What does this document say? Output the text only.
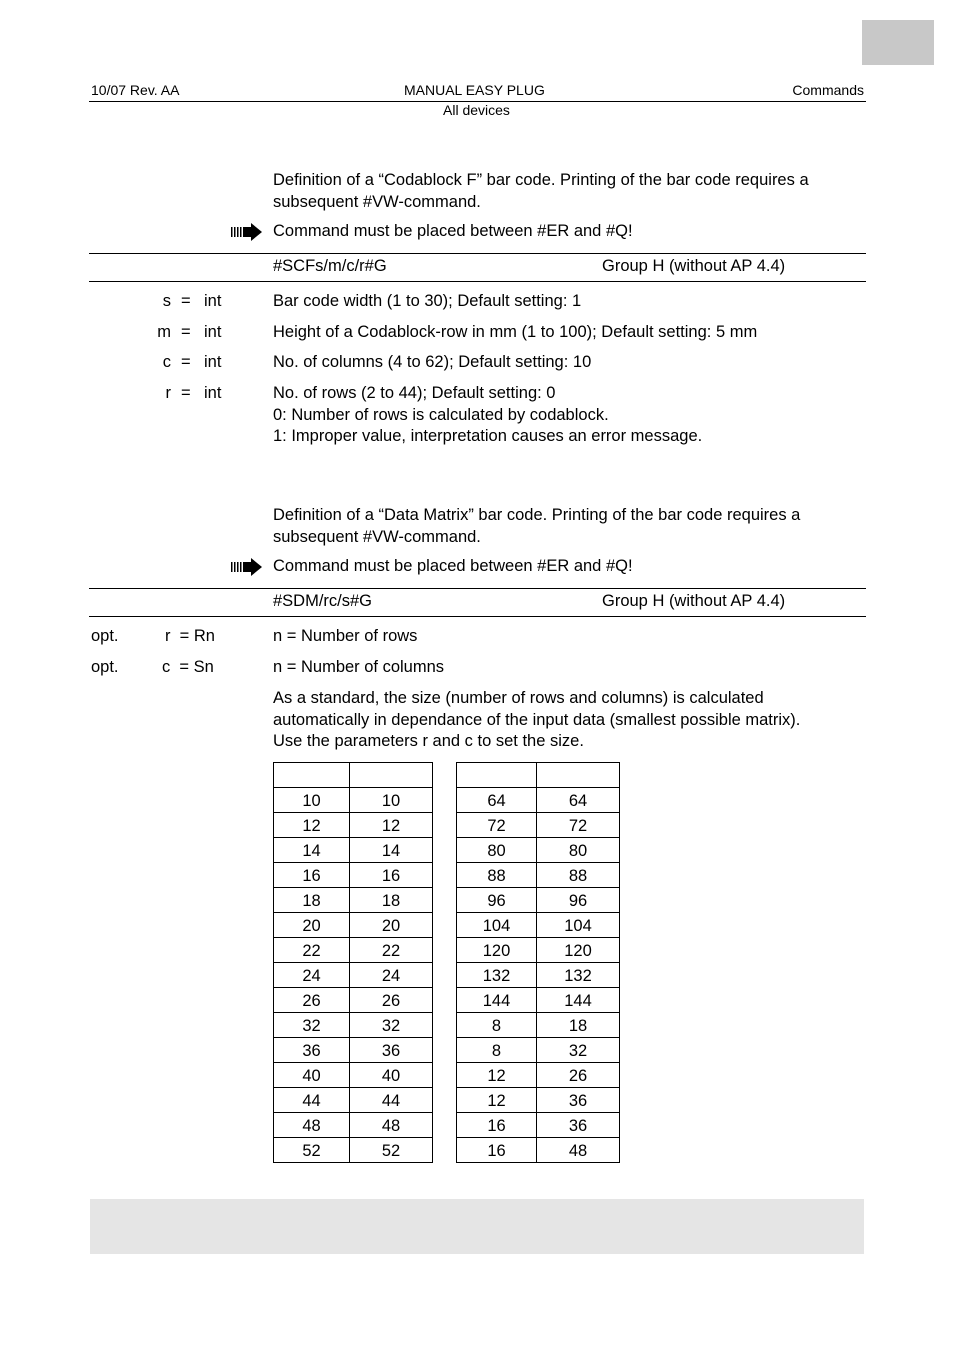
10/07 Rev. AA	MANUAL EASY PLUG	Commands
All devices
Definition of a “Codablock F” bar code. Printing of the bar code requires a
subsequent #VW-command.
Command must be placed between #ER and #Q!
#SCFs/m/c/r#G	Group H (without AP 4.4)
s = int	Bar code width (1 to 30); Default setting: 1
m = int	Height of a Codablock-row in mm (1 to 100); Default setting: 5 mm
c = int	No. of columns (4 to 62); Default setting: 10
r = int	No. of rows (2 to 44); Default setting: 0
0: Number of rows is calculated by codablock.
1: Improper value, interpretation causes an error message.
Definition of a “Data Matrix” bar code. Printing of the bar code requires a
subsequent #VW-command.
Command must be placed between #ER and #Q!
#SDM/rc/s#G	Group H (without AP 4.4)
opt.	r  = Rn	n = Number of rows
opt.	c  = Sn	n = Number of columns
As a standard, the size (number of rows and columns) is calculated
automatically in dependance of the input data (smallest possible matrix).
Use the parameters r and c to set the size.

10	10
12	12
14	14
16	16
18	18
20	20
22	22
24	24
26	26
32	32
36	36
40	40
44	44
48	48
52	52

64	64
72	72
80	80
88	88
96	96
104	104
120	120
132	132
144	144
8	18
8	32
12	26
12	36
16	36
16	48
